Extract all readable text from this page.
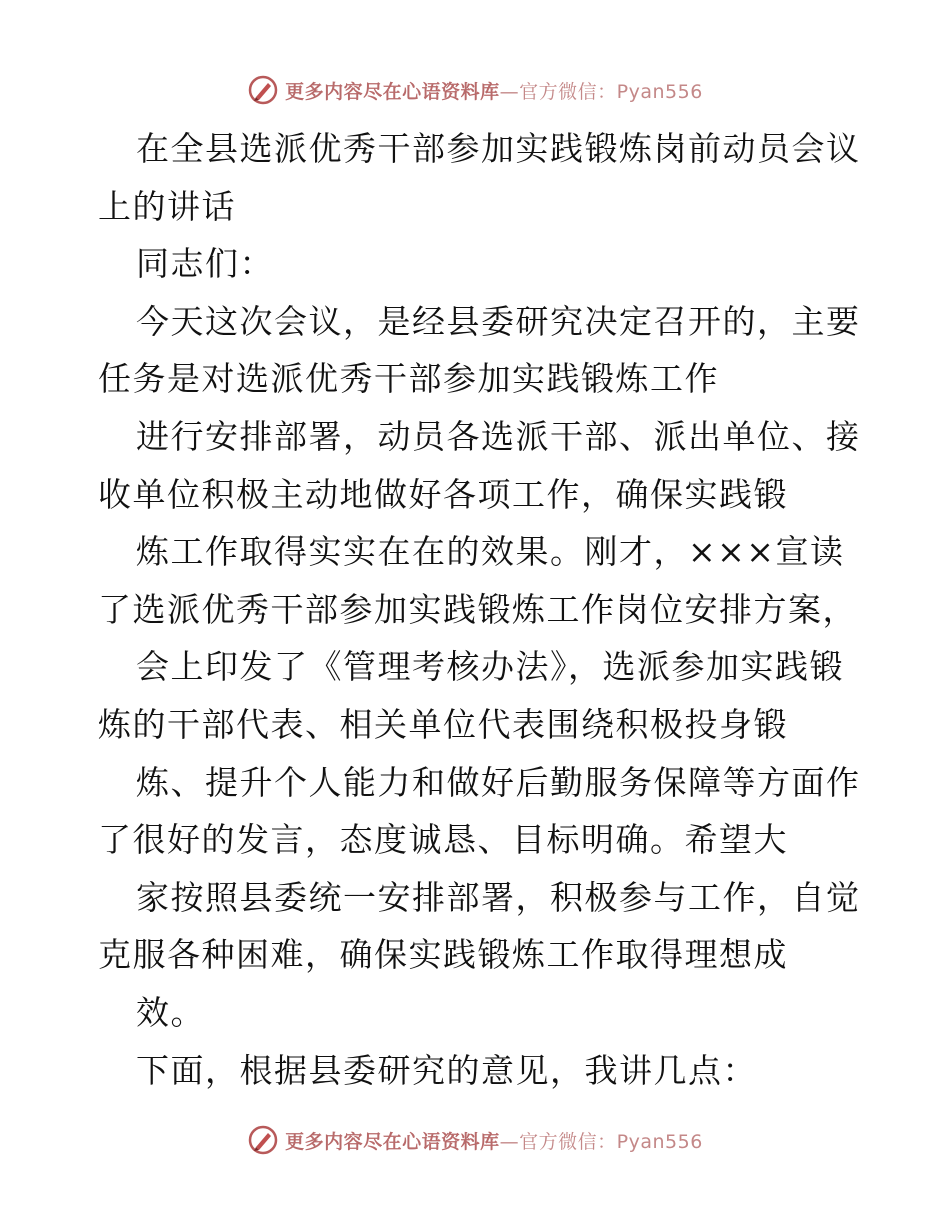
更多内容尽在心语资料库—官方微信：Pyan556
在全县选派优秀干部参加实践锻炼岗前动员会议
上的讲话
同志们：
今天这次会议，是经县委研究决定召开的，主要
任务是对选派优秀干部参加实践锻炼工作
进行安排部署，动员各选派干部、派出单位、接
收单位积极主动地做好各项工作，确保实践锻
炼工作取得实实在在的效果。刚才，×××宣读
了选派优秀干部参加实践锻炼工作岗位安排方案，
会上印发了《管理考核办法》，选派参加实践锻
炼的干部代表、相关单位代表围绕积极投身锻
炼、提升个人能力和做好后勤服务保障等方面作
了很好的发言，态度诚恳、目标明确。希望大
家按照县委统一安排部署，积极参与工作，自觉
克服各种困难，确保实践锻炼工作取得理想成
效。
下面，根据县委研究的意见，我讲几点：
更多内容尽在心语资料库—官方微信：Pyan556
